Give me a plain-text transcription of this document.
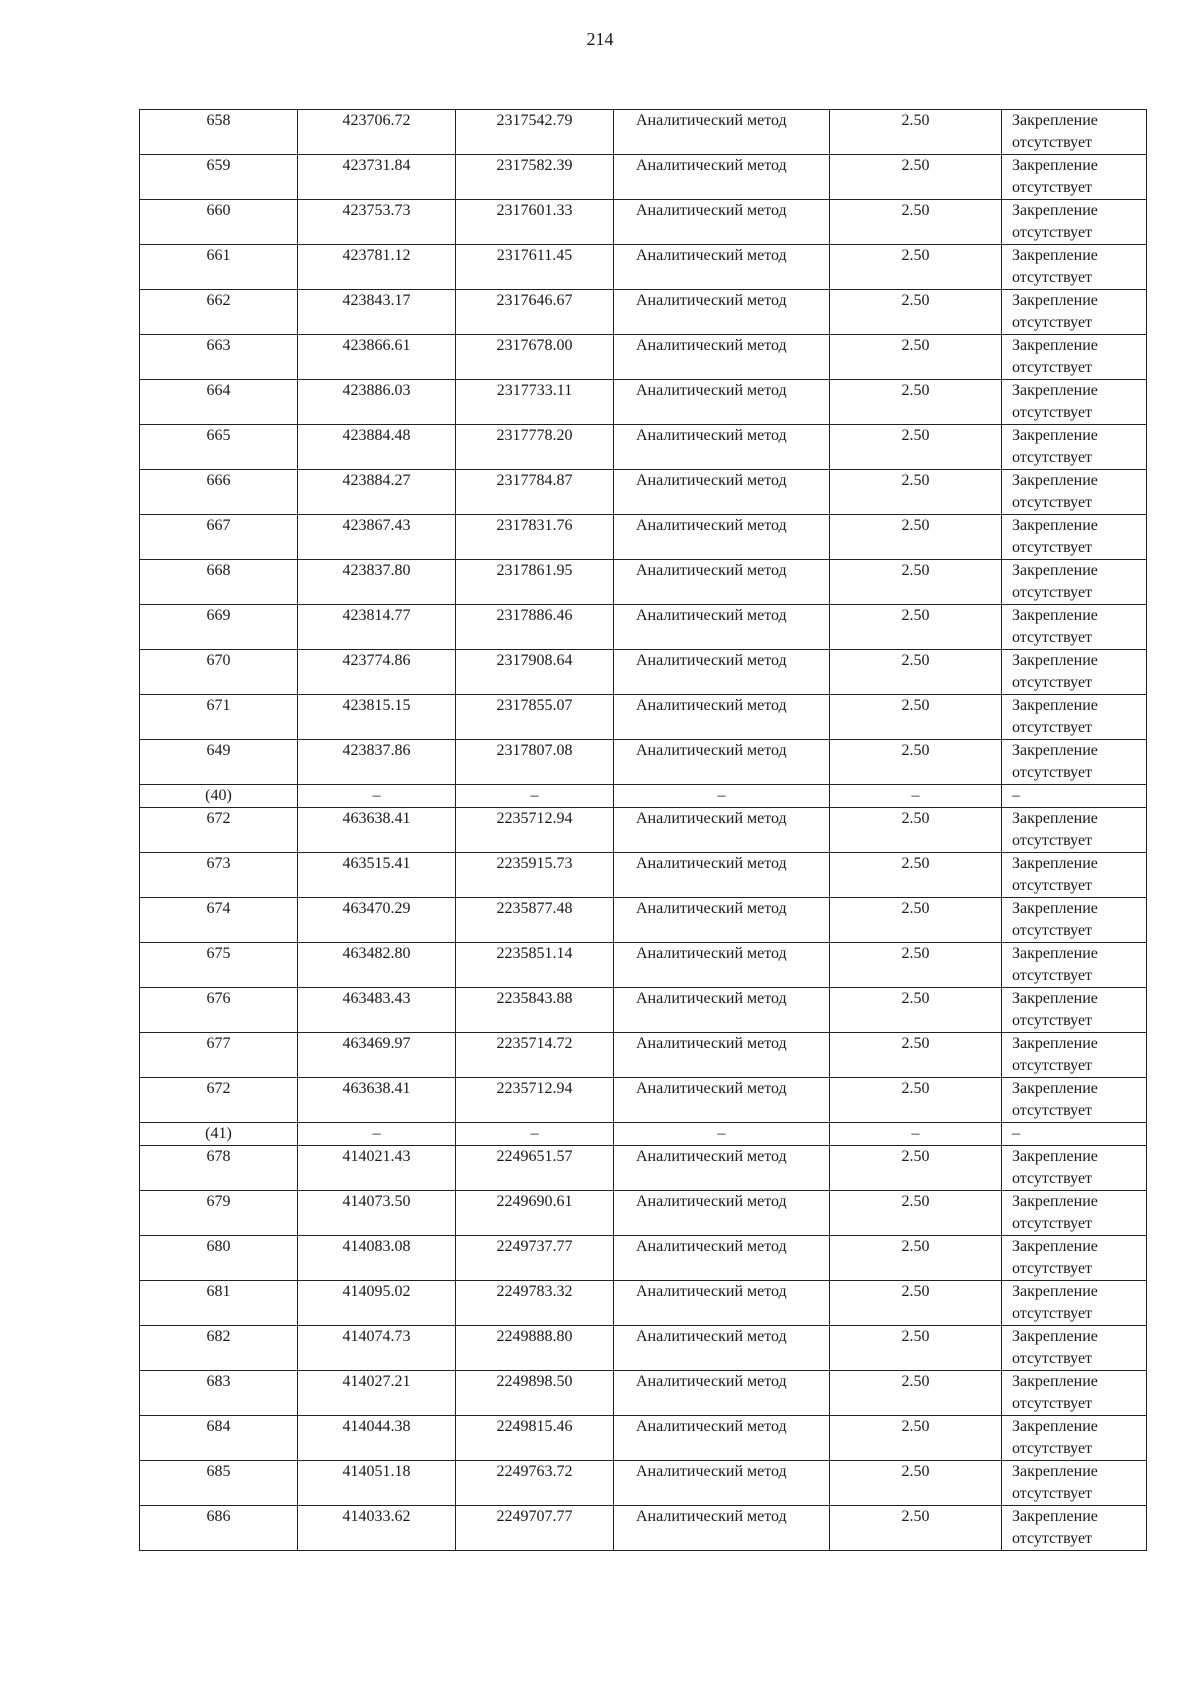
214
658	423706.72	2317542.79	Аналитический метод	2.50	Закрепление отсутствует
659	423731.84	2317582.39	Аналитический метод	2.50	Закрепление отсутствует
660	423753.73	2317601.33	Аналитический метод	2.50	Закрепление отсутствует
661	423781.12	2317611.45	Аналитический метод	2.50	Закрепление отсутствует
662	423843.17	2317646.67	Аналитический метод	2.50	Закрепление отсутствует
663	423866.61	2317678.00	Аналитический метод	2.50	Закрепление отсутствует
664	423886.03	2317733.11	Аналитический метод	2.50	Закрепление отсутствует
665	423884.48	2317778.20	Аналитический метод	2.50	Закрепление отсутствует
666	423884.27	2317784.87	Аналитический метод	2.50	Закрепление отсутствует
667	423867.43	2317831.76	Аналитический метод	2.50	Закрепление отсутствует
668	423837.80	2317861.95	Аналитический метод	2.50	Закрепление отсутствует
669	423814.77	2317886.46	Аналитический метод	2.50	Закрепление отсутствует
670	423774.86	2317908.64	Аналитический метод	2.50	Закрепление отсутствует
671	423815.15	2317855.07	Аналитический метод	2.50	Закрепление отсутствует
649	423837.86	2317807.08	Аналитический метод	2.50	Закрепление отсутствует
(40)	–	–	–	–	–
672	463638.41	2235712.94	Аналитический метод	2.50	Закрепление отсутствует
673	463515.41	2235915.73	Аналитический метод	2.50	Закрепление отсутствует
674	463470.29	2235877.48	Аналитический метод	2.50	Закрепление отсутствует
675	463482.80	2235851.14	Аналитический метод	2.50	Закрепление отсутствует
676	463483.43	2235843.88	Аналитический метод	2.50	Закрепление отсутствует
677	463469.97	2235714.72	Аналитический метод	2.50	Закрепление отсутствует
672	463638.41	2235712.94	Аналитический метод	2.50	Закрепление отсутствует
(41)	–	–	–	–	–
678	414021.43	2249651.57	Аналитический метод	2.50	Закрепление отсутствует
679	414073.50	2249690.61	Аналитический метод	2.50	Закрепление отсутствует
680	414083.08	2249737.77	Аналитический метод	2.50	Закрепление отсутствует
681	414095.02	2249783.32	Аналитический метод	2.50	Закрепление отсутствует
682	414074.73	2249888.80	Аналитический метод	2.50	Закрепление отсутствует
683	414027.21	2249898.50	Аналитический метод	2.50	Закрепление отсутствует
684	414044.38	2249815.46	Аналитический метод	2.50	Закрепление отсутствует
685	414051.18	2249763.72	Аналитический метод	2.50	Закрепление отсутствует
686	414033.62	2249707.77	Аналитический метод	2.50	Закрепление отсутствует
